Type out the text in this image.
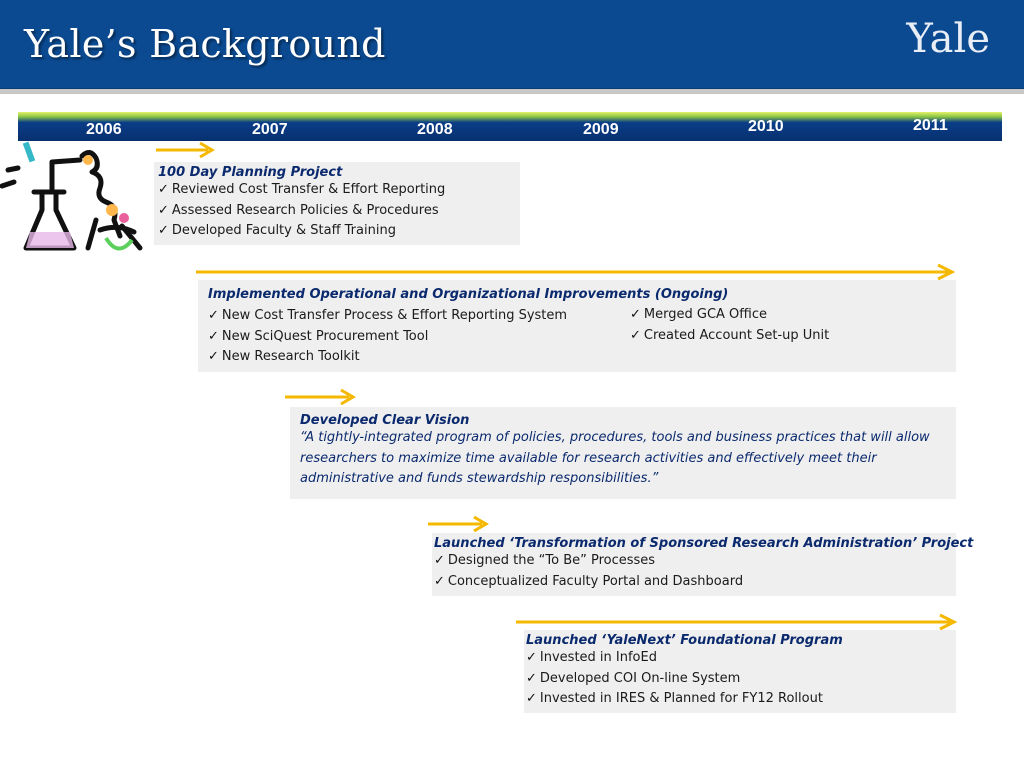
Yale’s Background	Yale
2006	2007	2008	2009	2010	2011
100 Day Planning Project
✓ Reviewed Cost Transfer & Effort Reporting
✓ Assessed Research Policies & Procedures
✓ Developed Faculty & Staff Training
Implemented Operational and Organizational Improvements (Ongoing)
✓ New Cost Transfer Process & Effort Reporting System
✓ New SciQuest Procurement Tool
✓ New Research Toolkit
✓ Merged GCA Office
✓ Created Account Set-up Unit
Developed Clear Vision
“A tightly-integrated program of policies, procedures, tools and business practices that will allow researchers to maximize time available for research activities and effectively meet their administrative and funds stewardship responsibilities.”
Launched ‘Transformation of Sponsored Research Administration’ Project
✓ Designed the “To Be” Processes
✓ Conceptualized Faculty Portal and Dashboard
Launched ‘YaleNext’ Foundational Program
✓ Invested in InfoEd
✓ Developed COI On-line System
✓ Invested in IRES & Planned for FY12 Rollout
